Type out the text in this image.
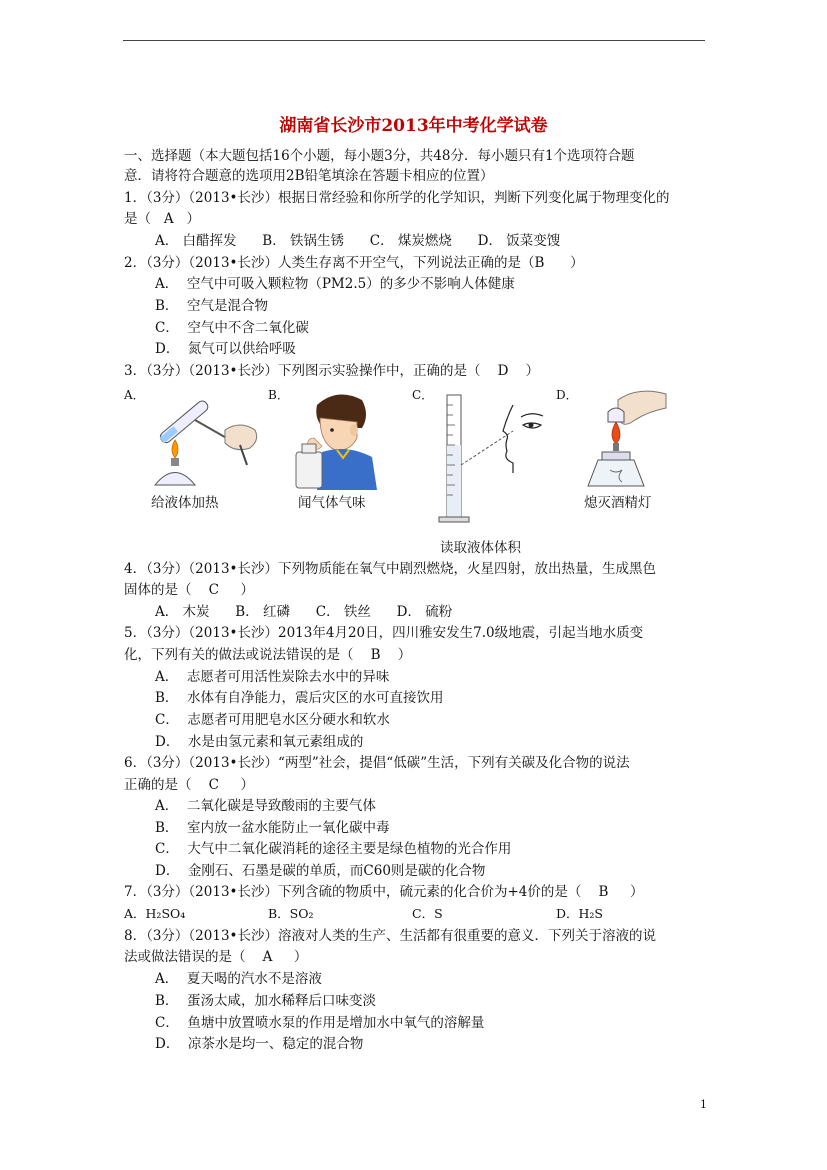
湖南省长沙市2013年中考化学试卷
一、选择题（本大题包括16个小题，每小题3分，共48分．每小题只有1个选项符合题
意．请将符合题意的选项用2B铅笔填涂在答题卡相应的位置）
1．（3分）（2013•长沙）根据日常经验和你所学的化学知识，判断下列变化属于物理变化的
是（   A   ）
A． 白醋挥发      B． 铁锅生锈      C． 煤炭燃烧      D． 饭菜变馊
2．（3分）（2013•长沙）人类生存离不开空气，下列说法正确的是（B      ）
A．  空气中可吸入颗粒物（PM2.5）的多少不影响人体健康
B．  空气是混合物
C．  空气中不含二氧化碳
D．  氮气可以供给呼吸
3．（3分）（2013•长沙）下列图示实验操作中，正确的是（    D    ）
A．	B．	C．	D．
给液体加热	闻气体气味
读取液体体积
熄灭酒精灯
4．（3分）（2013•长沙）下列物质能在氧气中剧烈燃烧，火星四射，放出热量，生成黑色
固体的是（    C     ）
A． 木炭      B． 红磷      C． 铁丝      D． 硫粉
5．（3分）（2013•长沙）2013年4月20日，四川雅安发生7.0级地震，引起当地水质变
化，下列有关的做法或说法错误的是（    B    ）
A．  志愿者可用活性炭除去水中的异味
B．  水体有自净能力，震后灾区的水可直接饮用
C．  志愿者可用肥皂水区分硬水和软水
D．  水是由氢元素和氧元素组成的
6．（3分）（2013•长沙）“两型”社会，提倡“低碳”生活，下列有关碳及化合物的说法
正确的是（    C     ）
A．  二氧化碳是导致酸雨的主要气体
B．  室内放一盆水能防止一氧化碳中毒
C．  大气中二氧化碳消耗的途径主要是绿色植物的光合作用
D．  金刚石、石墨是碳的单质，而C60则是碳的化合物
7．（3分）（2013•长沙）下列含硫的物质中，硫元素的化合价为+4价的是（    B     ）
A．H₂SO₄	B．SO₂	C．S	D．H₂S
8．（3分）（2013•长沙）溶液对人类的生产、生活都有很重要的意义．下列关于溶液的说
法或做法错误的是（    A     ）
A．  夏天喝的汽水不是溶液
B．  蛋汤太咸，加水稀释后口味变淡
C．  鱼塘中放置喷水泵的作用是增加水中氧气的溶解量
D．  凉茶水是均一、稳定的混合物
1
